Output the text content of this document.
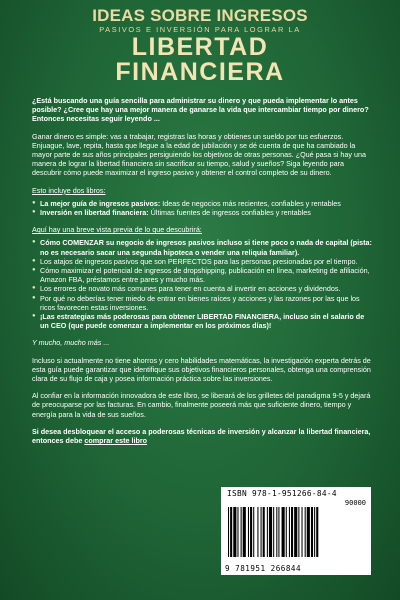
IDEAS SOBRE INGRESOS
PASIVOS E INVERSIÓN PARA LOGRAR LA
LIBERTAD
FINANCIERA

¿Está buscando una guía sencilla para administrar su dinero y que pueda implementar lo antes posible? ¿Cree que hay una mejor manera de ganarse la vida que intercambiar tiempo por dinero? Entonces necesitas seguir leyendo ...

Ganar dinero es simple: vas a trabajar, registras las horas y obtienes un sueldo por tus esfuerzos. Enjuague, lave, repita, hasta que llegue a la edad de jubilación y se dé cuenta de que ha cambiado la mayor parte de sus años principales persiguiendo los objetivos de otras personas. ¿Qué pasa si hay una manera de lograr la libertad financiera sin sacrificar su tiempo, salud y sueños? Siga leyendo para descubrir cómo puede maximizar el ingreso pasivo y obtener el control completo de su dinero.

Esto incluye dos libros:

● La mejor guía de ingresos pasivos: Ideas de negocios más recientes, confiables y rentables
● Inversión en libertad financiera: Últimas fuentes de ingresos confiables y rentables

Aquí hay una breve vista previa de lo que descubrirá:

● Cómo COMENZAR su negocio de ingresos pasivos incluso si tiene poco o nada de capital (pista: no es necesario sacar una segunda hipoteca o vender una reliquia familiar).
● Los atajos de ingresos pasivos que son PERFECTOS para las personas presionadas por el tiempo.
● Cómo maximizar el potencial de ingresos de dropshipping, publicación en línea, marketing de afiliación, Amazon FBA, préstamos entre pares y mucho más.
● Los errores de novato más comunes para tener en cuenta al invertir en acciones y dividendos.
● Por qué no deberías tener miedo de entrar en bienes raíces y acciones y las razones por las que los ricos favorecen estas inversiones.
● ¡Las estrategias más poderosas para obtener LIBERTAD FINANCIERA, incluso sin el salario de un CEO (que puede comenzar a implementar en los próximos días)!

Y mucho, mucho más ...

Incluso si actualmente no tiene ahorros y cero habilidades matemáticas, la investigación experta detrás de esta guía puede garantizar que identifique sus objetivos financieros personales, obtenga una comprensión clara de su flujo de caja y posea información práctica sobre las inversiones.

Al confiar en la información innovadora de este libro, se liberará de los grilletes del paradigma 9-5 y dejará de preocuparse por las facturas. En cambio, finalmente poseerá más que suficiente dinero, tiempo y energía para la vida de sus sueños.

Si desea desbloquear el acceso a poderosas técnicas de inversión y alcanzar la libertad financiera, entonces debe comprar este libro

ISBN 978-1-951266-84-4
90000
9 781951 266844
